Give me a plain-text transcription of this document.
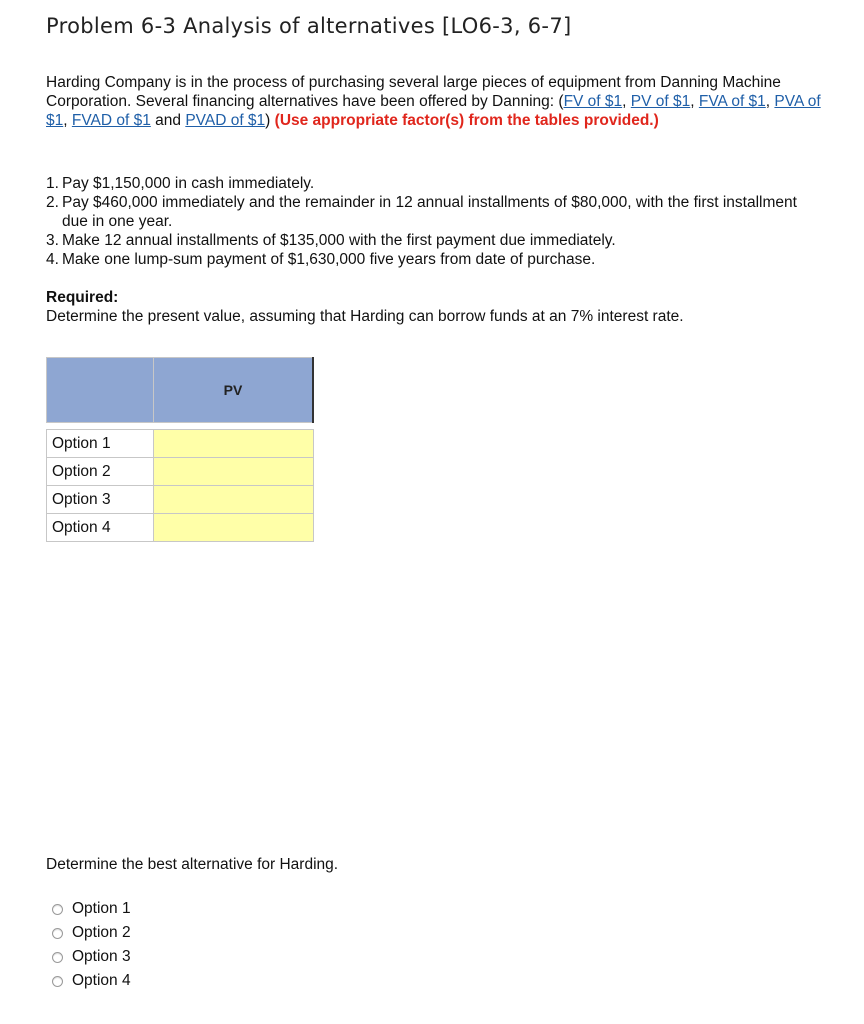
Problem 6-3 Analysis of alternatives [LO6-3, 6-7]
Harding Company is in the process of purchasing several large pieces of equipment from Danning Machine Corporation. Several financing alternatives have been offered by Danning: (FV of $1, PV of $1, FVA of $1, PVA of $1, FVAD of $1 and PVAD of $1) (Use appropriate factor(s) from the tables provided.)
1. Pay $1,150,000 in cash immediately.
2. Pay $460,000 immediately and the remainder in 12 annual installments of $80,000, with the first installment due in one year.
3. Make 12 annual installments of $135,000 with the first payment due immediately.
4. Make one lump-sum payment of $1,630,000 five years from date of purchase.
Required:
Determine the present value, assuming that Harding can borrow funds at an 7% interest rate.
	PV

Option 1	
Option 2	
Option 3	
Option 4	
Determine the best alternative for Harding.
Option 1
Option 2
Option 3
Option 4
